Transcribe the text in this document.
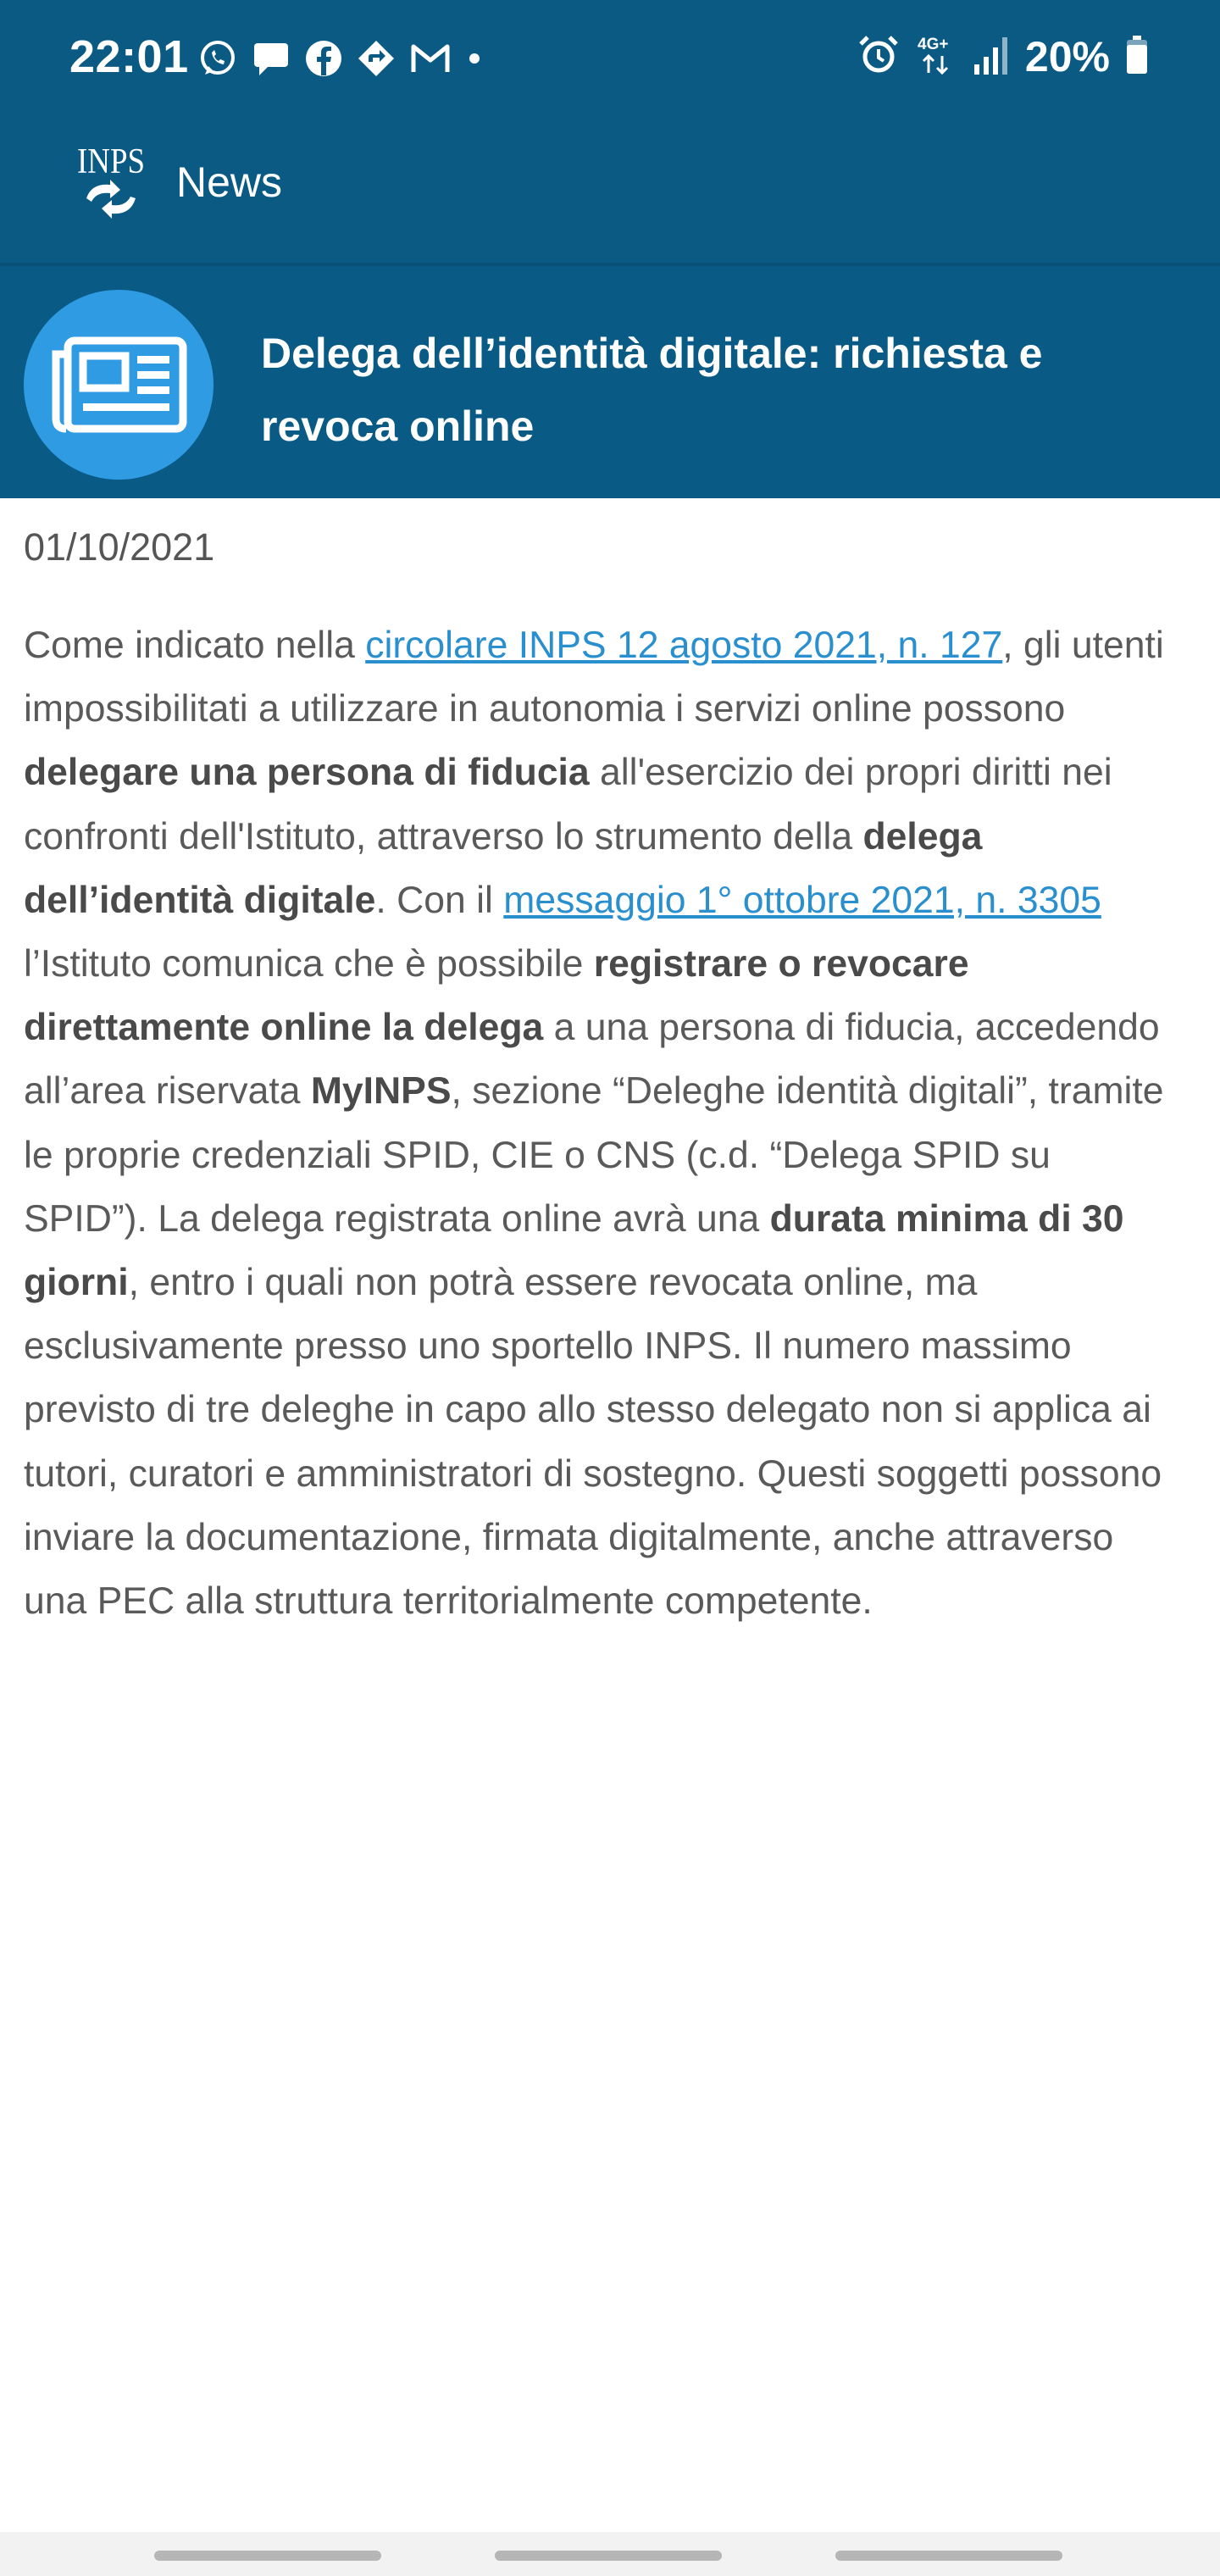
22:01	4G+ 20%
INPS News
Delega dell’identità digitale: richiesta e revoca online
01/10/2021

Come indicato nella circolare INPS 12 agosto 2021, n. 127, gli utenti impossibilitati a utilizzare in autonomia i servizi online possono delegare una persona di fiducia all'esercizio dei propri diritti nei confronti dell'Istituto, attraverso lo strumento della delega dell’identità digitale. Con il messaggio 1° ottobre 2021, n. 3305 l’Istituto comunica che è possibile registrare o revocare direttamente online la delega a una persona di fiducia, accedendo all’area riservata MyINPS, sezione “Deleghe identità digitali”, tramite le proprie credenziali SPID, CIE o CNS (c.d. “Delega SPID su SPID”). La delega registrata online avrà una durata minima di 30 giorni, entro i quali non potrà essere revocata online, ma esclusivamente presso uno sportello INPS. Il numero massimo previsto di tre deleghe in capo allo stesso delegato non si applica ai tutori, curatori e amministratori di sostegno. Questi soggetti possono inviare la documentazione, firmata digitalmente, anche attraverso una PEC alla struttura territorialmente competente.
